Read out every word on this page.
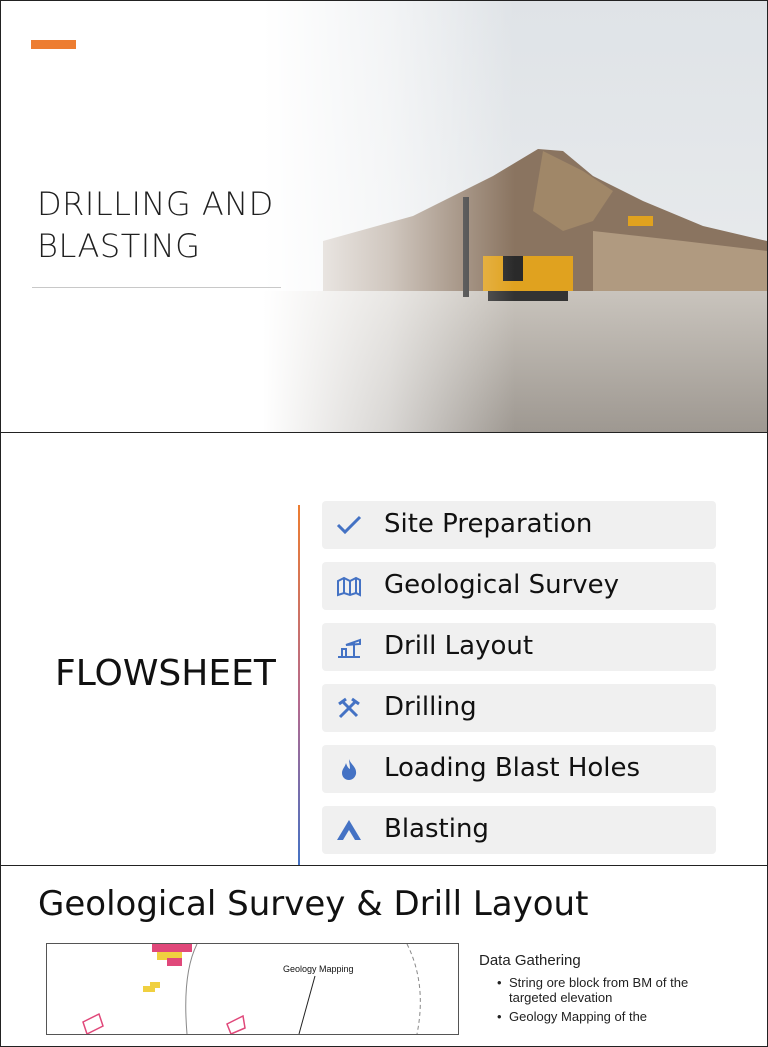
DRILLING AND
BLASTING
FLOWSHEET
Site Preparation
Geological Survey
Drill Layout
Drilling
Loading Blast Holes
Blasting
Geological Survey & Drill Layout
Geology Mapping	Data Gathering
• String ore block from BM of the targeted elevation
• Geology Mapping of the
